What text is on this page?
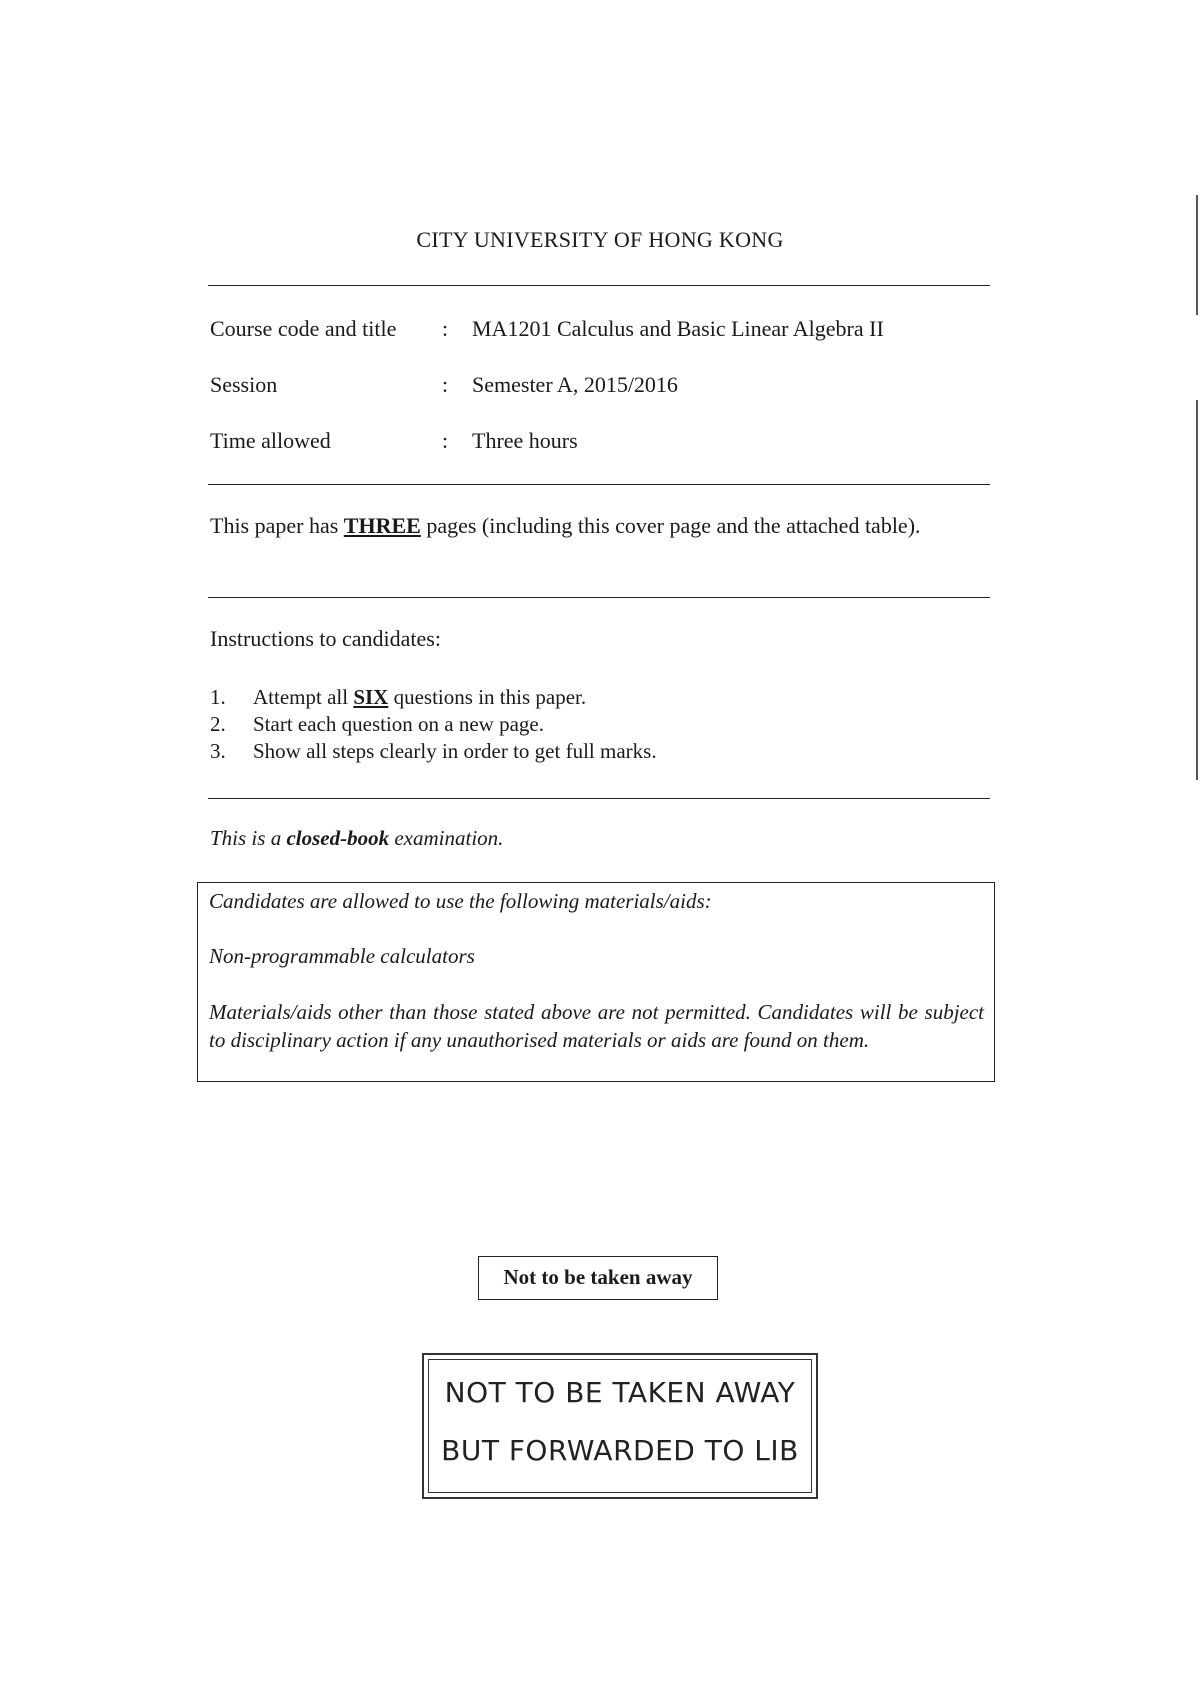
CITY UNIVERSITY OF HONG KONG
Course code and title : MA1201 Calculus and Basic Linear Algebra II
Session	: Semester A, 2015/2016
Time allowed	: Three hours
This paper has THREE pages (including this cover page and the attached table).
Instructions to candidates:
1. Attempt all SIX questions in this paper.
2. Start each question on a new page.
3. Show all steps clearly in order to get full marks.
This is a closed-book examination.
Candidates are allowed to use the following materials/aids:
Non-programmable calculators
Materials/aids other than those stated above are not permitted. Candidates will be subject to disciplinary action if any unauthorised materials or aids are found on them.
Not to be taken away
NOT TO BE TAKEN AWAY
BUT FORWARDED TO LIB
